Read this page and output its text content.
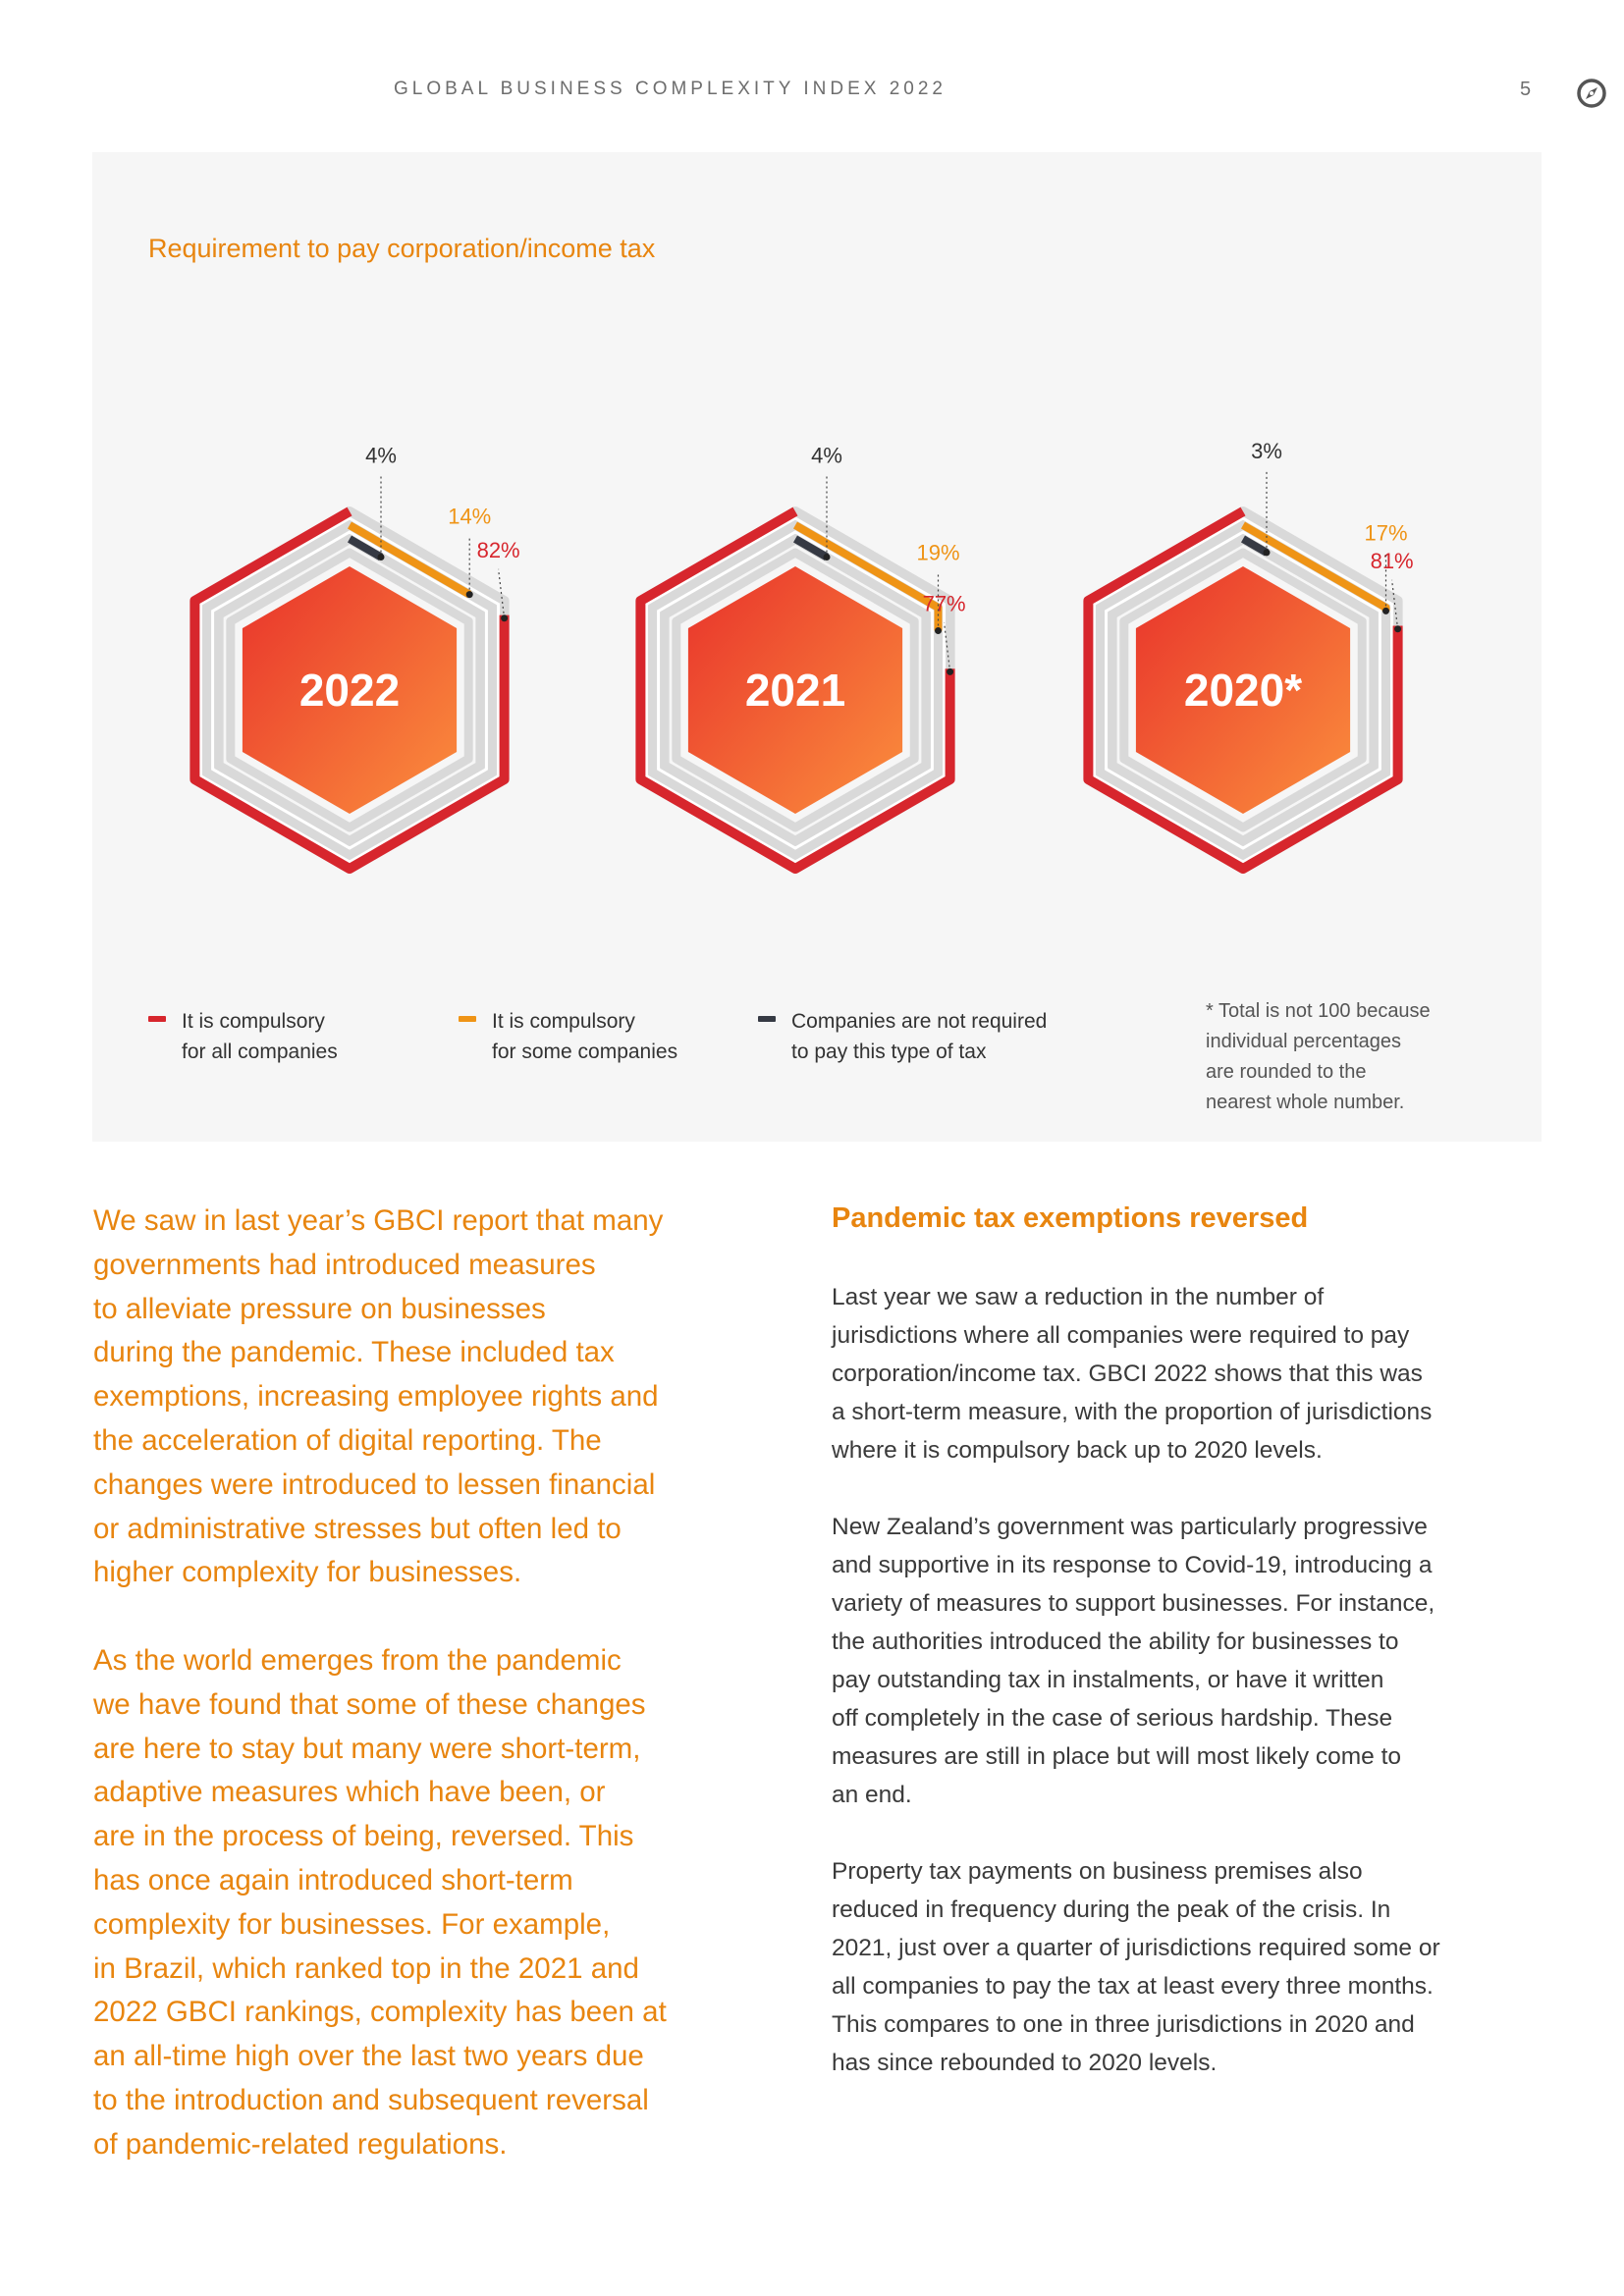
GLOBAL BUSINESS COMPLEXITY INDEX 2022	5
Requirement to pay corporation/income tax
2022
82%
14%
4%
2021
77%
19%
4%
2020*
81%
17%
3%
It is compulsory
for all companies
It is compulsory
for some companies
Companies are not required
to pay this type of tax
* Total is not 100 because
individual percentages
are rounded to the
nearest whole number.

We saw in last year’s GBCI report that many
governments had introduced measures
to alleviate pressure on businesses
during the pandemic. These included tax
exemptions, increasing employee rights and
the acceleration of digital reporting. The
changes were introduced to lessen financial
or administrative stresses but often led to
higher complexity for businesses.

As the world emerges from the pandemic
we have found that some of these changes
are here to stay but many were short-term,
adaptive measures which have been, or
are in the process of being, reversed. This
has once again introduced short-term
complexity for businesses. For example,
in Brazil, which ranked top in the 2021 and
2022 GBCI rankings, complexity has been at
an all-time high over the last two years due
to the introduction and subsequent reversal
of pandemic-related regulations.

Pandemic tax exemptions reversed

Last year we saw a reduction in the number of
jurisdictions where all companies were required to pay
corporation/income tax. GBCI 2022 shows that this was
a short-term measure, with the proportion of jurisdictions
where it is compulsory back up to 2020 levels.

New Zealand’s government was particularly progressive
and supportive in its response to Covid-19, introducing a
variety of measures to support businesses. For instance,
the authorities introduced the ability for businesses to
pay outstanding tax in instalments, or have it written
off completely in the case of serious hardship. These
measures are still in place but will most likely come to
an end.

Property tax payments on business premises also
reduced in frequency during the peak of the crisis. In
2021, just over a quarter of jurisdictions required some or
all companies to pay the tax at least every three months.
This compares to one in three jurisdictions in 2020 and
has since rebounded to 2020 levels.
